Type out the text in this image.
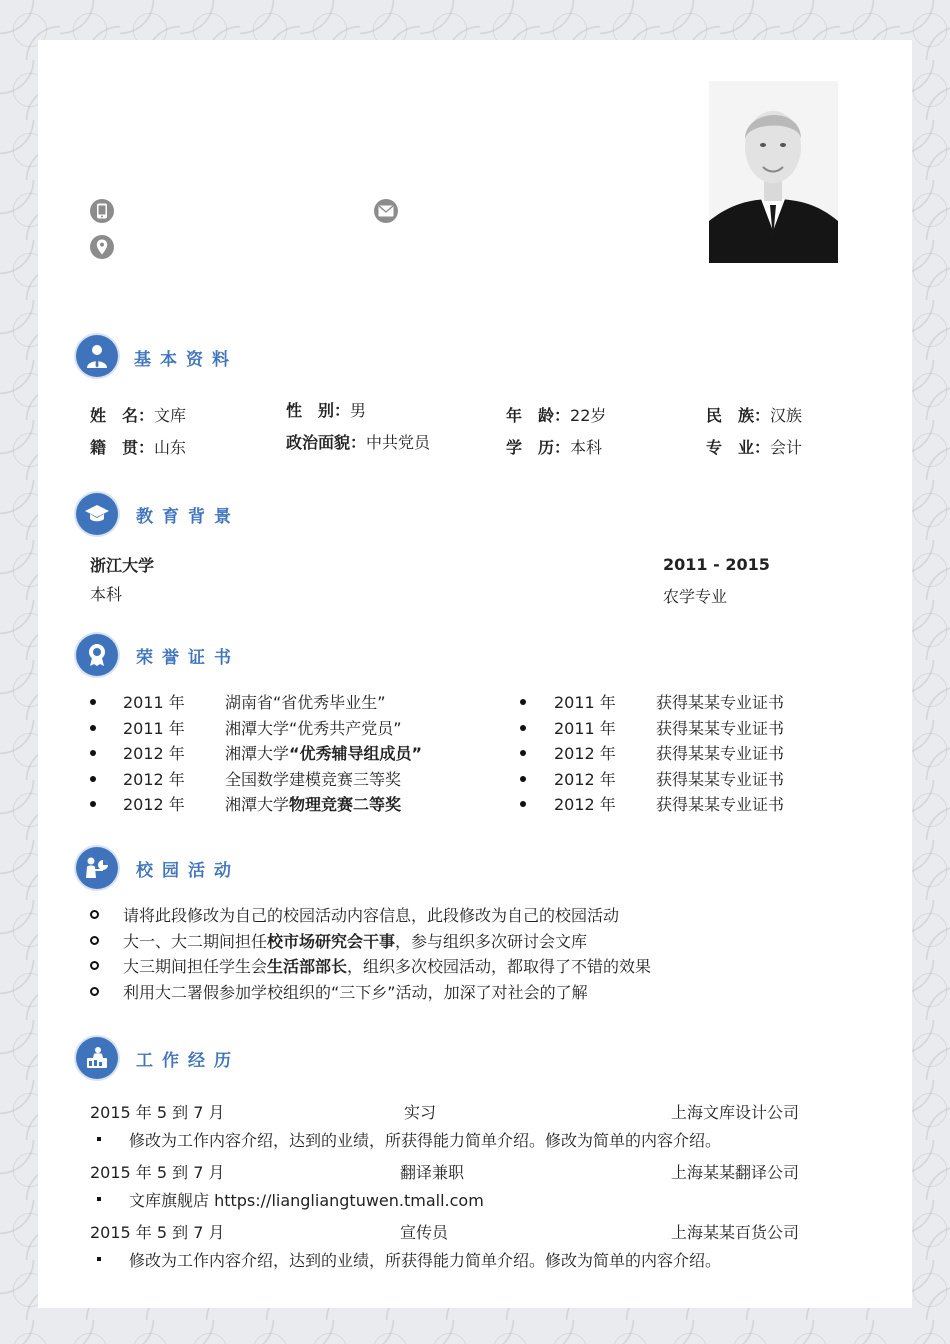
基本资料
姓　名：文库	性　别：男	年　龄：22岁	民　族：汉族
籍　贯：山东	政治面貌：中共党员	学　历：本科	专　业：会计
教育背景
浙江大学	2011 - 2015
本科	农学专业
荣誉证书
2011 年	湖南省“省优秀毕业生”
2011 年	湘潭大学“优秀共产党员”
2012 年	湘潭大学“优秀辅导组成员”
2012 年	全国数学建模竞赛三等奖
2012 年	湘潭大学物理竞赛二等奖
2011 年	获得某某专业证书
2011 年	获得某某专业证书
2012 年	获得某某专业证书
2012 年	获得某某专业证书
2012 年	获得某某专业证书
校园活动
请将此段修改为自己的校园活动内容信息，此段修改为自己的校园活动
大一、大二期间担任校市场研究会干事，参与组织多次研讨会文库
大三期间担任学生会生活部部长，组织多次校园活动，都取得了不错的效果
利用大二署假参加学校组织的“三下乡”活动，加深了对社会的了解
工作经历
2015 年 5 到 7 月	实习	上海文库设计公司
修改为工作内容介绍，达到的业绩，所获得能力简单介绍。修改为简单的内容介绍。
2015 年 5 到 7 月	翻译兼职	上海某某翻译公司
文库旗舰店 https://liangliangtuwen.tmall.com
2015 年 5 到 7 月	宣传员	上海某某百货公司
修改为工作内容介绍，达到的业绩，所获得能力简单介绍。修改为简单的内容介绍。
